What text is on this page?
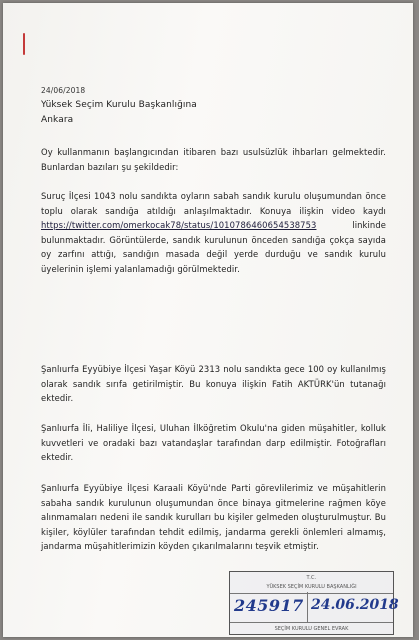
24/06/2018
Yüksek Seçim Kurulu Başkanlığına
Ankara
Oy kullanmanın başlangıcından itibaren bazı usulsüzlük ihbarları gelmektedir. Bunlardan bazıları şu şekildedir:
Suruç İlçesi 1043 nolu sandıkta oyların sabah sandık kurulu oluşumundan önce toplu olarak sandığa atıldığı anlaşılmaktadır. Konuya ilişkin video kaydı https://twitter.com/omerkocak78/status/1010786460654538753	linkinde bulunmaktadır. Görüntülerde, sandık kurulunun önceden sandığa çokça sayıda oy zarfını attığı, sandığın masada değil yerde durduğu ve sandık kurulu üyelerinin işlemi yalanlamadığı görülmektedir.
Şanlıurfa Eyyübiye İlçesi Yaşar Köyü 2313 nolu sandıkta gece 100 oy kullanılmış olarak sandık sırıfa getirilmiştir. Bu konuya ilişkin Fatih AKTÜRK'ün tutanağı ektedir.
Şanlıurfa İli, Haliliye İlçesi, Uluhan İlköğretim Okulu'na giden müşahitler, kolluk kuvvetleri ve oradaki bazı vatandaşlar tarafından darp edilmiştir. Fotoğrafları ektedir.
Şanlıurfa Eyyübiye İlçesi Karaali Köyü'nde Parti görevlilerimiz ve müşahitlerin sabaha sandık kurulunun oluşumundan önce binaya gitmelerine rağmen köye alınmamaları nedeni ile sandık kurulları bu kişiler gelmeden oluşturulmuştur. Bu kişiler, köylüler tarafından tehdit edilmiş, jandarma gerekli önlemleri almamış, jandarma müşahitlerimizin köyden çıkarılmalarını teşvik etmiştir.
T.C.
YÜKSEK SEÇİM KURULU BAŞKANLIĞI
245917 24.06.2018
SEÇİM KURULU GENEL EVRAK
